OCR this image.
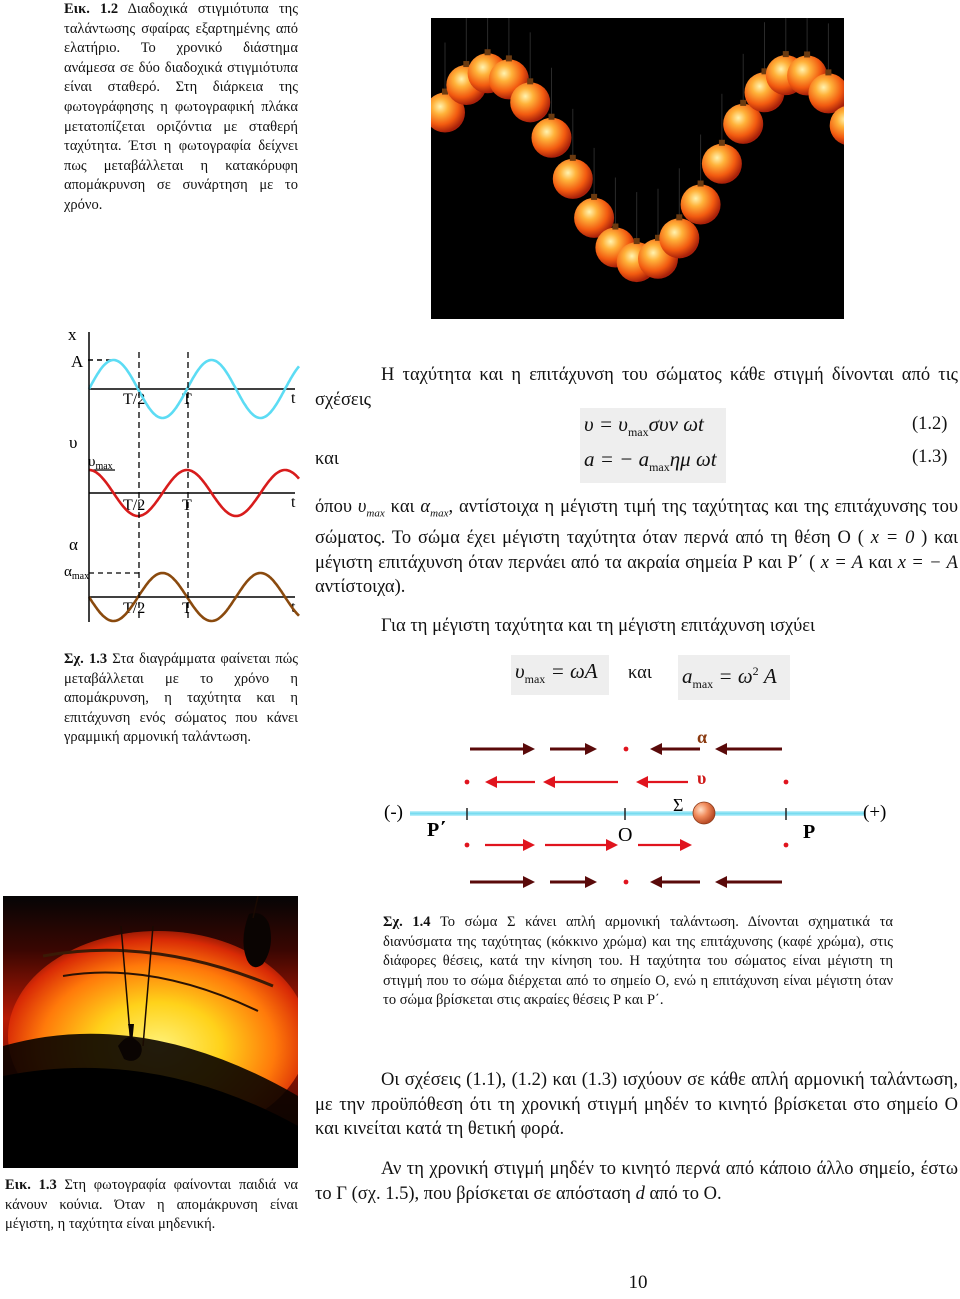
Εικ. 1.2 Διαδοχικά στιγμιότυπα της ταλάντωσης σφαίρας εξαρτημένης από ελατήριο. Το χρονικό διάστημα ανάμεσα σε δύο διαδοχικά στιγμιότυπα είναι σταθερό. Στη διάρκεια της φωτογράφησης η φωτογραφική πλάκα μετατοπίζεται οριζόντια με σταθερή ταχύτητα. Έτσι η φωτογραφία δείχνει πως μεταβάλλεται η κατακόρυφη απομάκρυνση σε συνάρτηση με το χρόνο.
x
A
t
T/2 T
υ
$\upsilon_{max}$
t
T/2 T
α
$\alpha_{max}$
t
T/2 T
Σχ. 1.3 Στα διαγράμματα φαίνεται πώς μεταβάλλεται με το χρόνο η απομάκρυνση, η ταχύτητα και η επιτάχυνση ενός σώματος που κάνει γραμμική αρμονική ταλάντωση.
Η ταχύτητα και η επιτάχυνση του σώματος κάθε στιγμή δίνονται από τις σχέσεις
$\upsilon = \upsilon_{max}\sigma\upsilon\nu$ ωt	(1.2)
και	a = − $a_{max}\eta\mu$ ωt	(1.3)
όπου $\upsilon_{max}$ και $\alpha_{max}$, αντίστοιχα η μέγιστη τιμή της ταχύτητας και της επιτάχυνσης του σώματος. Το σώμα έχει μέγιστη ταχύτητα όταν περνά από τη θέση Ο ( x = 0 ) και μέγιστη επιτάχυνση όταν περνάει από τα ακραία σημεία Ρ και Ρ΄ ( x = A και x = − A αντίστοιχα).
Για τη μέγιστη ταχύτητα και τη μέγιστη επιτάχυνση ισχύει
$\upsilon_{max} = \omega A$	και $a_{max} = \omega^2$ A
α
υ
Σ
(-)	(+)
Ρ΄	Ο	Ρ
Σχ. 1.4 Το σώμα Σ κάνει απλή αρμονική ταλάντωση. Δίνονται σχηματικά τα διανύσματα της ταχύτητας (κόκκινο χρώμα) και της επιτάχυνσης (καφέ χρώμα), στις διάφορες θέσεις, κατά την κίνηση του. Η ταχύτητα του σώματος είναι μέγιστη τη στιγμή που το σώμα διέρχεται από το σημείο Ο, ενώ η επιτάχυνση είναι μέγιστη όταν το σώμα βρίσκεται στις ακραίες θέσεις Ρ και Ρ΄.
Οι σχέσεις (1.1), (1.2) και (1.3) ισχύουν σε κάθε απλή αρμονική ταλάντωση, με την προϋπόθεση ότι τη χρονική στιγμή μηδέν το κινητό βρίσκεται στο σημείο Ο και κινείται κατά τη θετική φορά.
Αν τη χρονική στιγμή μηδέν το κινητό περνά από κάποιο άλλο σημείο, έστω το Γ (σχ. 1.5), που βρίσκεται σε απόσταση d από το Ο.
Εικ. 1.3 Στη φωτογραφία φαίνονται παιδιά να κάνουν κούνια. Όταν η απομάκρυνση είναι μέγιστη, η ταχύτητα είναι μηδενική.
10
